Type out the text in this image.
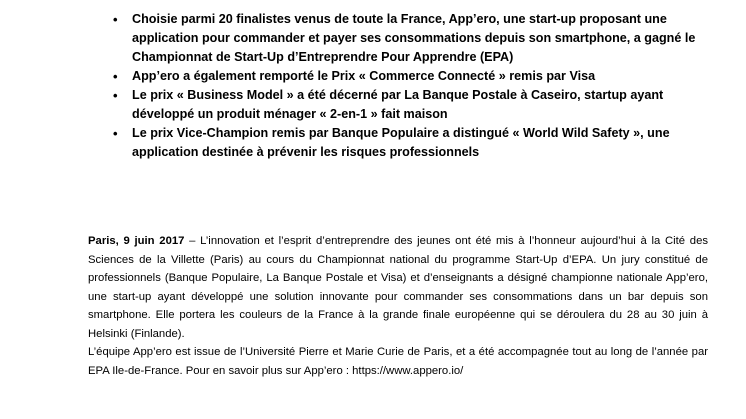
• Choisie parmi 20 finalistes venus de toute la France, App’ero, une start-up proposant une application pour commander et payer ses consommations depuis son smartphone, a gagné le Championnat de Start-Up d’Entreprendre Pour Apprendre (EPA)
• App’ero a également remporté le Prix « Commerce Connecté » remis par Visa
• Le prix « Business Model » a été décerné par La Banque Postale à Caseiro, startup ayant développé un produit ménager « 2-en-1 » fait maison
• Le prix Vice-Champion remis par Banque Populaire a distingué « World Wild Safety », une application destinée à prévenir les risques professionnels

Paris, 9 juin 2017 – L’innovation et l’esprit d’entreprendre des jeunes ont été mis à l’honneur aujourd’hui à la Cité des Sciences de la Villette (Paris) au cours du Championnat national du programme Start-Up d’EPA. Un jury constitué de professionnels (Banque Populaire, La Banque Postale et Visa) et d’enseignants a désigné championne nationale App’ero, une start-up ayant développé une solution innovante pour commander ses consommations dans un bar depuis son smartphone. Elle portera les couleurs de la France à la grande finale européenne qui se déroulera du 28 au 30 juin à Helsinki (Finlande).

L’équipe App’ero est issue de l’Université Pierre et Marie Curie de Paris, et a été accompagnée tout au long de l’année par EPA Ile-de-France. Pour en savoir plus sur App’ero : https://www.appero.io/
